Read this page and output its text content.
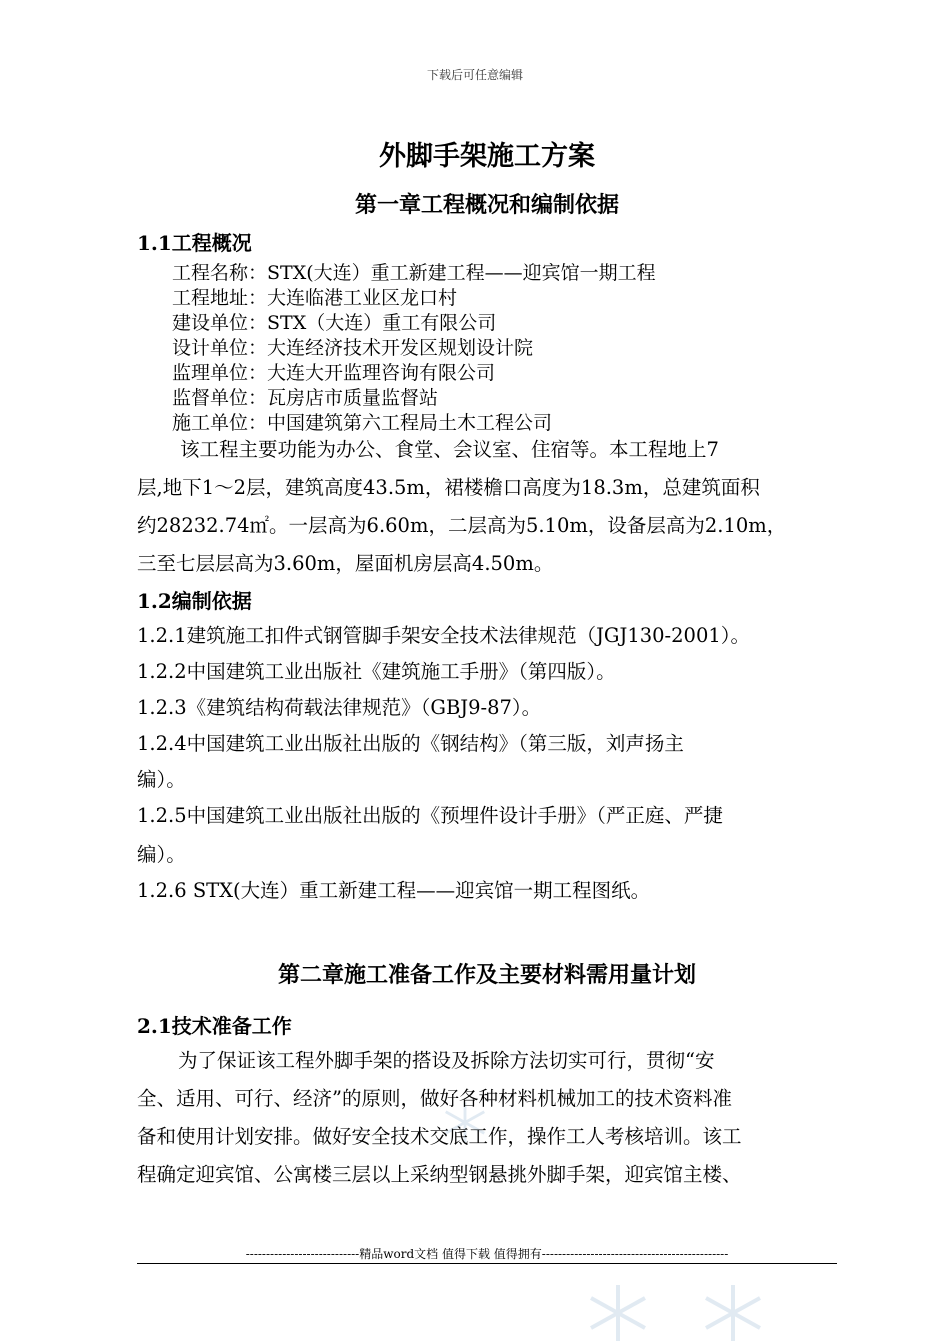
下载后可任意编辑
外脚手架施工方案
第一章工程概况和编制依据
1.1工程概况
工程名称：STX(大连）重工新建工程——迎宾馆一期工程
工程地址：大连临港工业区龙口村
建设单位：STX（大连）重工有限公司
设计单位：大连经济技术开发区规划设计院
监理单位：大连大开监理咨询有限公司
监督单位：瓦房店市质量监督站
施工单位：中国建筑第六工程局土木工程公司
该工程主要功能为办公、食堂、会议室、住宿等。本工程地上7
层,地下1～2层，建筑高度43.5m，裙楼檐口高度为18.3m，总建筑面积
约28232.74㎡。一层高为6.60m，二层高为5.10m，设备层高为2.10m，
三至七层层高为3.60m，屋面机房层高4.50m。
1.2编制依据
1.2.1建筑施工扣件式钢管脚手架安全技术法律规范（JGJ130-2001）。
1.2.2中国建筑工业出版社《建筑施工手册》（第四版）。
1.2.3《建筑结构荷载法律规范》（GBJ9-87）。
1.2.4中国建筑工业出版社出版的《钢结构》（第三版，刘声扬主
编）。
1.2.5中国建筑工业出版社出版的《预埋件设计手册》（严正庭、严捷
编）。
1.2.6 STX(大连）重工新建工程——迎宾馆一期工程图纸。
第二章施工准备工作及主要材料需用量计划
2.1技术准备工作
为了保证该工程外脚手架的搭设及拆除方法切实可行，贯彻“安
全、适用、可行、经济”的原则，做好各种材料机械加工的技术资料准
备和使用计划安排。做好安全技术交底工作，操作工人考核培训。该工
程确定迎宾馆、公寓楼三层以上采纳型钢悬挑外脚手架，迎宾馆主楼、
----------------------------精品word文档 值得下载 值得拥有----------------------------------------------
